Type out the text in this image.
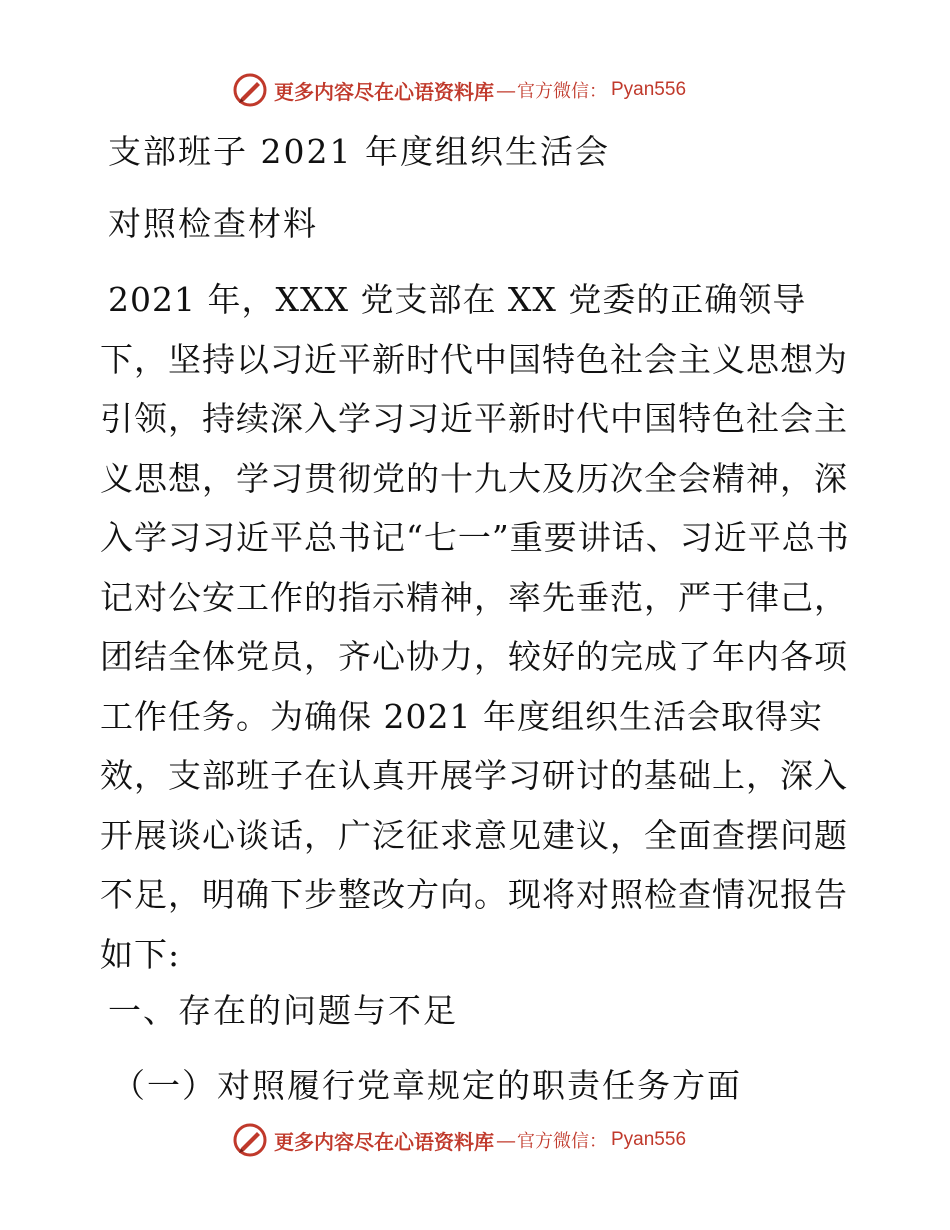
更多内容尽在心语资料库 — 官方微信： Pyan556
支部班子 2021 年度组织生活会
对照检查材料

2021 年，XXX 党支部在 XX 党委的正确领导下，坚持以习近平新时代中国特色社会主义思想为引领，持续深入学习习近平新时代中国特色社会主义思想，学习贯彻党的十九大及历次全会精神，深入学习习近平总书记“七一”重要讲话、习近平总书记对公安工作的指示精神，率先垂范，严于律己，团结全体党员，齐心协力，较好的完成了年内各项工作任务。为确保 2021 年度组织生活会取得实效，支部班子在认真开展学习研讨的基础上，深入开展谈心谈话，广泛征求意见建议，全面查摆问题不足，明确下步整改方向。现将对照检查情况报告如下:

一、存在的问题与不足
（一）对照履行党章规定的职责任务方面
更多内容尽在心语资料库 — 官方微信： Pyan556
